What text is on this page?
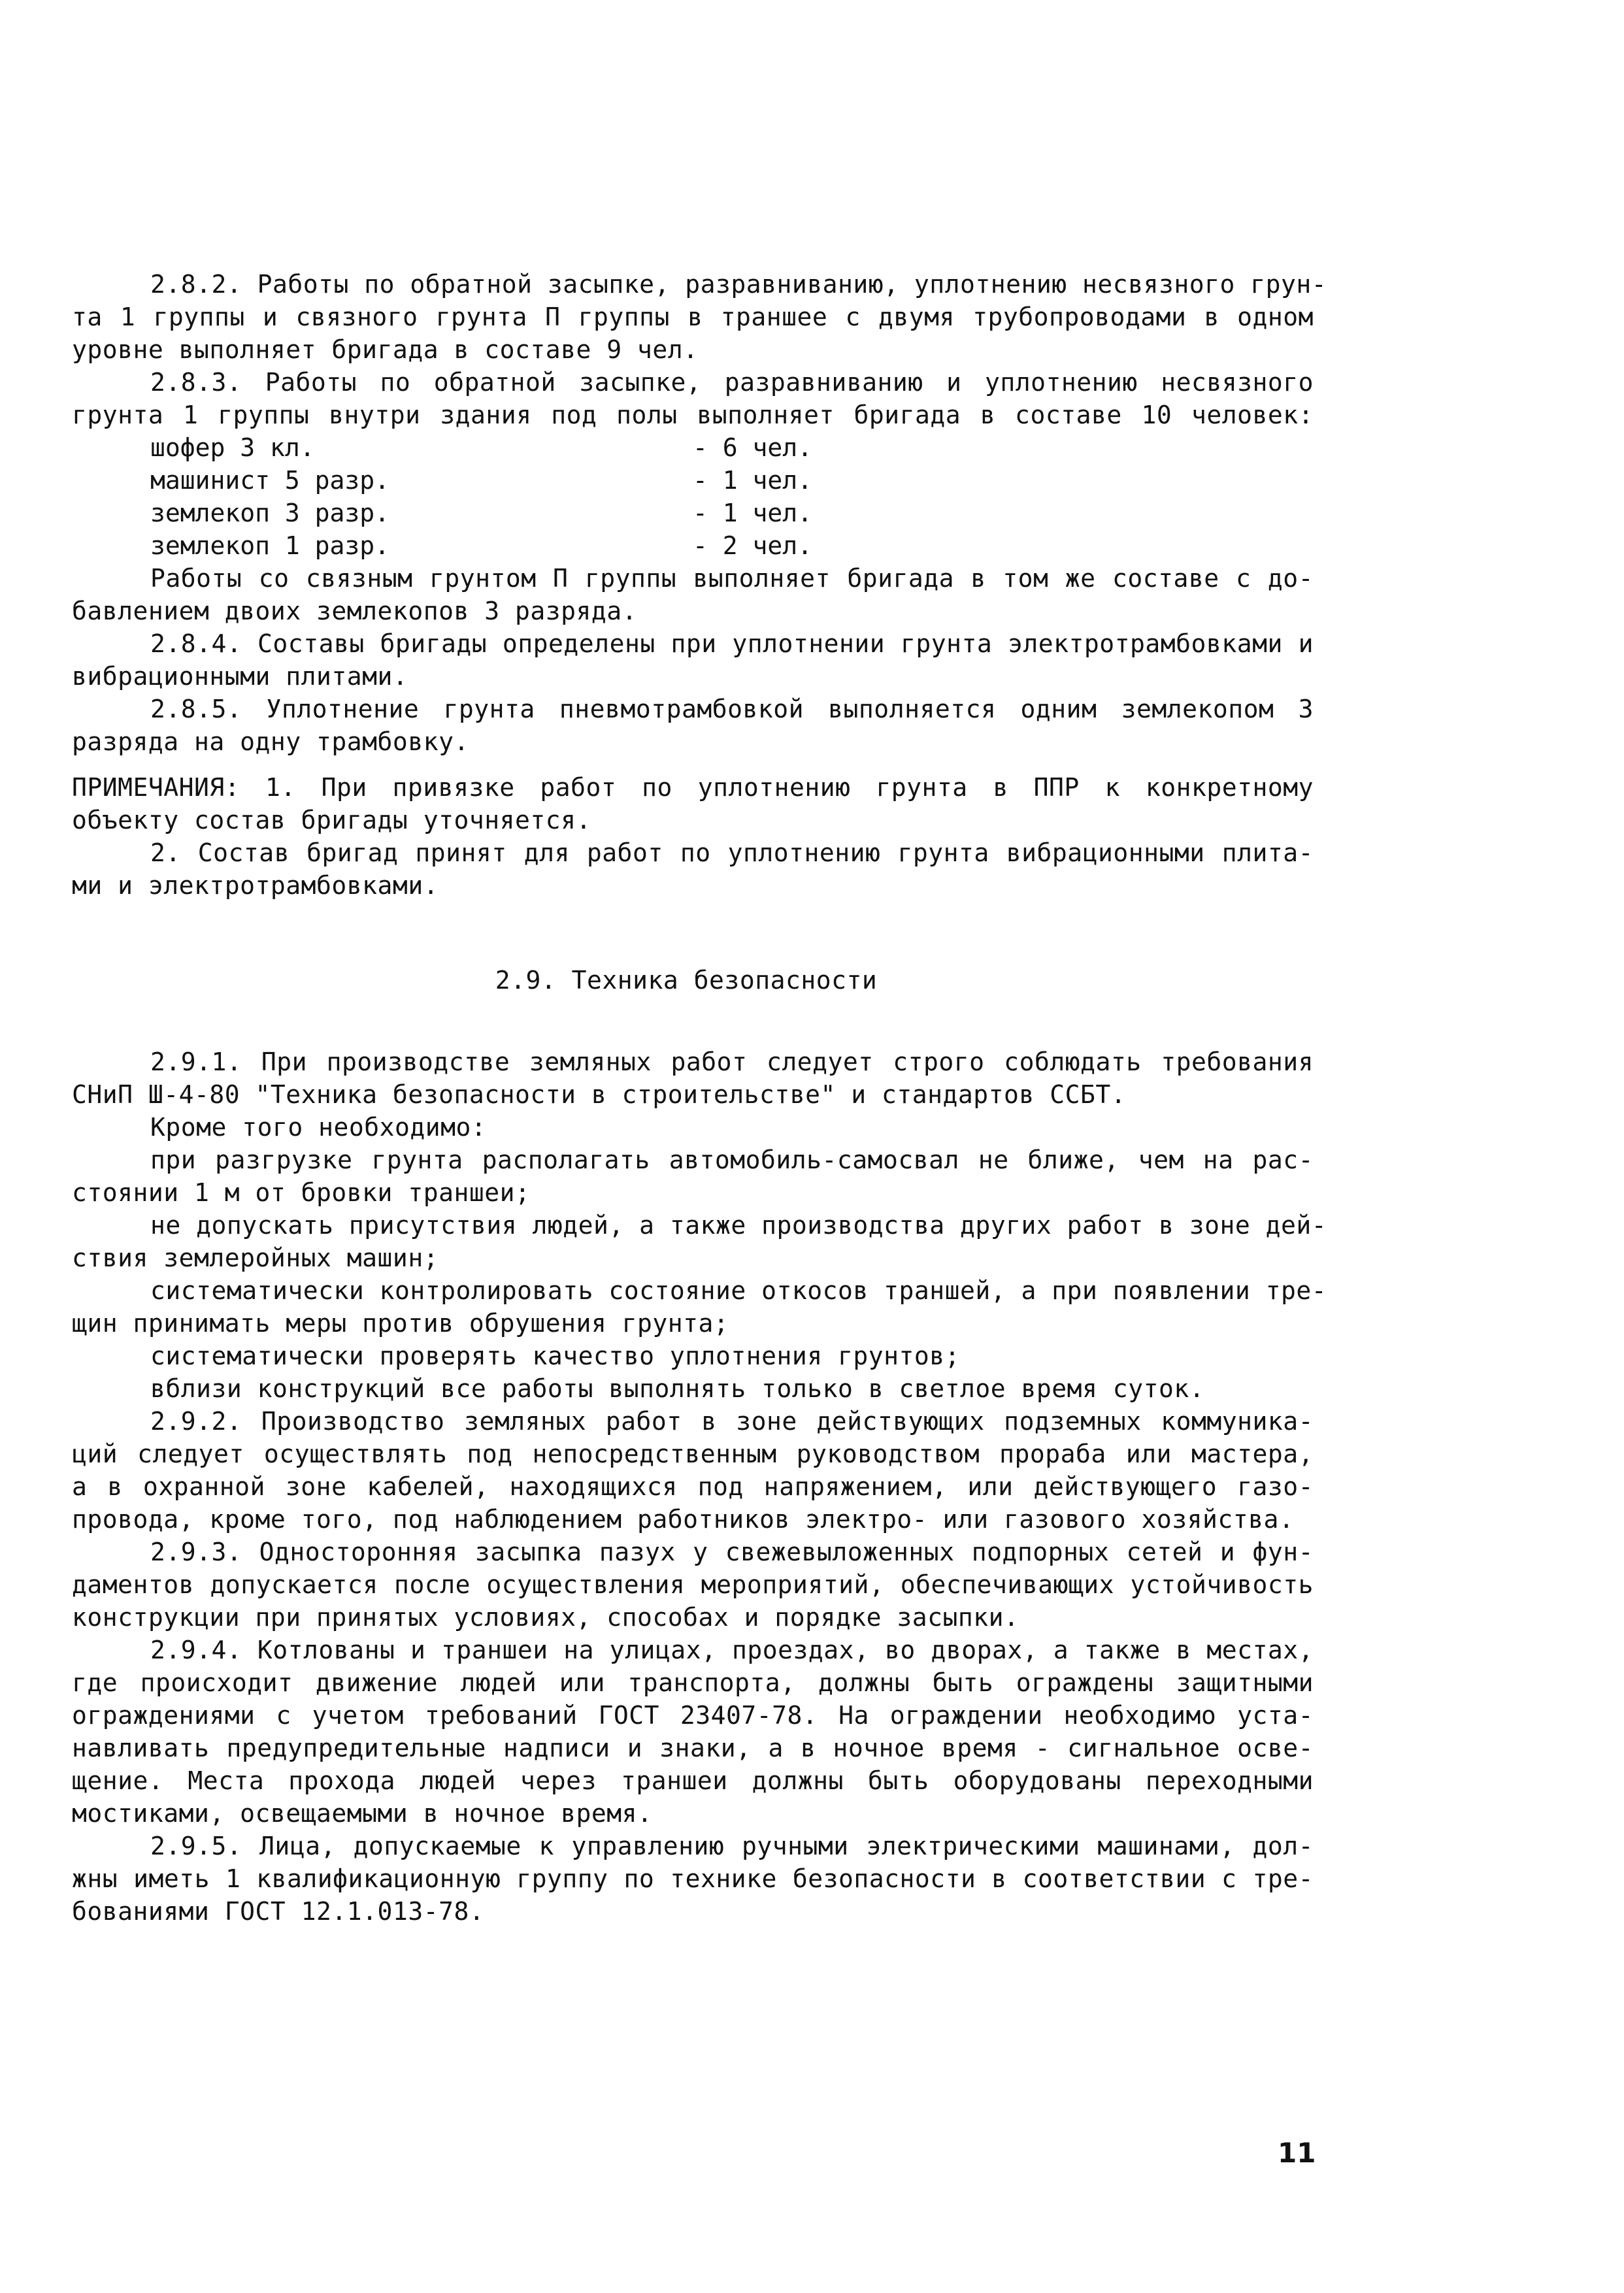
2.8.2. Работы по обратной засыпке, разравниванию, уплотнению несвязного грун-
та 1 группы и связного грунта П группы в траншее с двумя трубопроводами в одном
уровне выполняет бригада в составе 9 чел.
2.8.3. Работы по обратной засыпке, разравниванию и уплотнению несвязного
грунта 1 группы внутри здания под полы выполняет бригада в составе 10 человек:
шофер 3 кл.	- 6 чел.
машинист 5 разр.	- 1 чел.
землекоп 3 разр.	- 1 чел.
землекоп 1 разр.	- 2 чел.
Работы со связным грунтом П группы выполняет бригада в том же составе с до-
бавлением двоих землекопов 3 разряда.
2.8.4. Составы бригады определены при уплотнении грунта электротрамбовками и
вибрационными плитами.
2.8.5. Уплотнение грунта пневмотрамбовкой выполняется одним землекопом 3
разряда на одну трамбовку.
ПРИМЕЧАНИЯ: 1. При привязке работ по уплотнению грунта в ППР к конкретному
объекту состав бригады уточняется.
2. Состав бригад принят для работ по уплотнению грунта вибрационными плита-
ми и электротрамбовками.
2.9. Техника безопасности
2.9.1. При производстве земляных работ следует строго соблюдать требования
СНиП Ш-4-80 "Техника безопасности в строительстве" и стандартов ССБТ.
Кроме того необходимо:
при разгрузке грунта располагать автомобиль-самосвал не ближе, чем на рас-
стоянии 1 м от бровки траншеи;
не допускать присутствия людей, а также производства других работ в зоне дей-
ствия землеройных машин;
систематически контролировать состояние откосов траншей, а при появлении тре-
щин принимать меры против обрушения грунта;
систематически проверять качество уплотнения грунтов;
вблизи конструкций все работы выполнять только в светлое время суток.
2.9.2. Производство земляных работ в зоне действующих подземных коммуника-
ций следует осуществлять под непосредственным руководством прораба или мастера,
а в охранной зоне кабелей, находящихся под напряжением, или действующего газо-
провода, кроме того, под наблюдением работников электро- или газового хозяйства.
2.9.3. Односторонняя засыпка пазух у свежевыложенных подпорных сетей и фун-
даментов допускается после осуществления мероприятий, обеспечивающих устойчивость
конструкции при принятых условиях, способах и порядке засыпки.
2.9.4. Котлованы и траншеи на улицах, проездах, во дворах, а также в местах,
где происходит движение людей или транспорта, должны быть ограждены защитными
ограждениями с учетом требований ГОСТ 23407-78. На ограждении необходимо уста-
навливать предупредительные надписи и знаки, а в ночное время - сигнальное осве-
щение. Места прохода людей через траншеи должны быть оборудованы переходными
мостиками, освещаемыми в ночное время.
2.9.5. Лица, допускаемые к управлению ручными электрическими машинами, дол-
жны иметь 1 квалификационную группу по технике безопасности в соответствии с тре-
бованиями ГОСТ 12.1.013-78.
11
